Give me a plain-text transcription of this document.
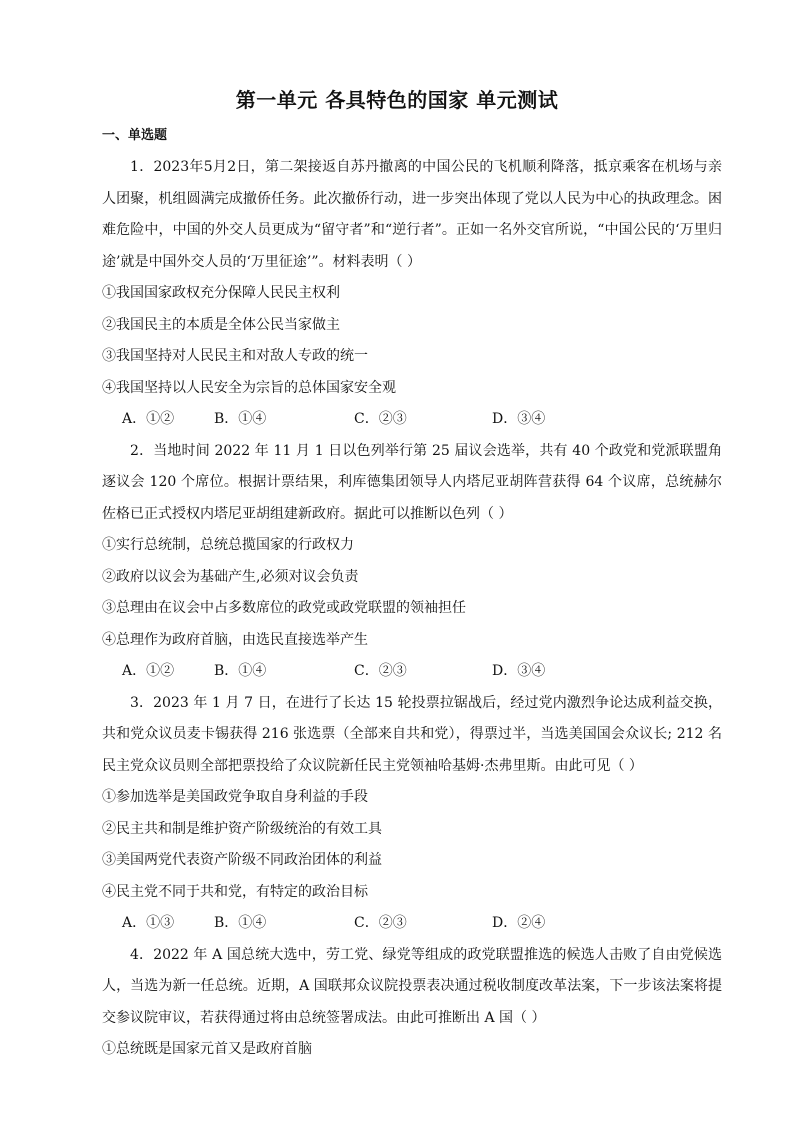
第一单元 各具特色的国家 单元测试
一、单选题

1．2023年5月2日，第二架接返自苏丹撤离的中国公民的飞机顺利降落，抵京乘客在机场与亲人团聚，机组圆满完成撤侨任务。此次撤侨行动，进一步突出体现了党以人民为中心的执政理念。困难危险中，中国的外交人员更成为“留守者”和“逆行者”。正如一名外交官所说，“中国公民的‘万里归途’就是中国外交人员的‘万里征途’”。材料表明（ ）

①我国国家政权充分保障人民民主权利

②我国民主的本质是全体公民当家做主

③我国坚持对人民民主和对敌人专政的统一

④我国坚持以人民安全为宗旨的总体国家安全观

A．①②	B．①④	C．②③	D．③④

2．当地时间 2022 年 11 月 1 日以色列举行第 25 届议会选举，共有 40 个政党和党派联盟角逐议会 120 个席位。根据计票结果，利库德集团领导人内塔尼亚胡阵营获得 64 个议席，总统赫尔佐格已正式授权内塔尼亚胡组建新政府。据此可以推断以色列（ ）

①实行总统制，总统总揽国家的行政权力

②政府以议会为基础产生,必须对议会负责

③总理由在议会中占多数席位的政党或政党联盟的领袖担任

④总理作为政府首脑，由选民直接选举产生

A．①②	B．①④	C．②③	D．③④

3．2023 年 1 月 7 日，在进行了长达 15 轮投票拉锯战后，经过党内激烈争论达成利益交换，共和党众议员麦卡锡获得 216 张选票（全部来自共和党），得票过半，当选美国国会众议长; 212 名民主党众议员则全部把票投给了众议院新任民主党领袖哈基姆·杰弗里斯。由此可见（ ）

①参加选举是美国政党争取自身利益的手段

②民主共和制是维护资产阶级统治的有效工具

③美国两党代表资产阶级不同政治团体的利益

④民主党不同于共和党，有特定的政治目标

A．①③	B．①④	C．②③	D．②④

4．2022 年 A 国总统大选中，劳工党、绿党等组成的政党联盟推选的候选人击败了自由党候选人，当选为新一任总统。近期，A 国联邦众议院投票表决通过税收制度改革法案，下一步该法案将提交参议院审议，若获得通过将由总统签署成法。由此可推断出 A 国（ ）

①总统既是国家元首又是政府首脑
